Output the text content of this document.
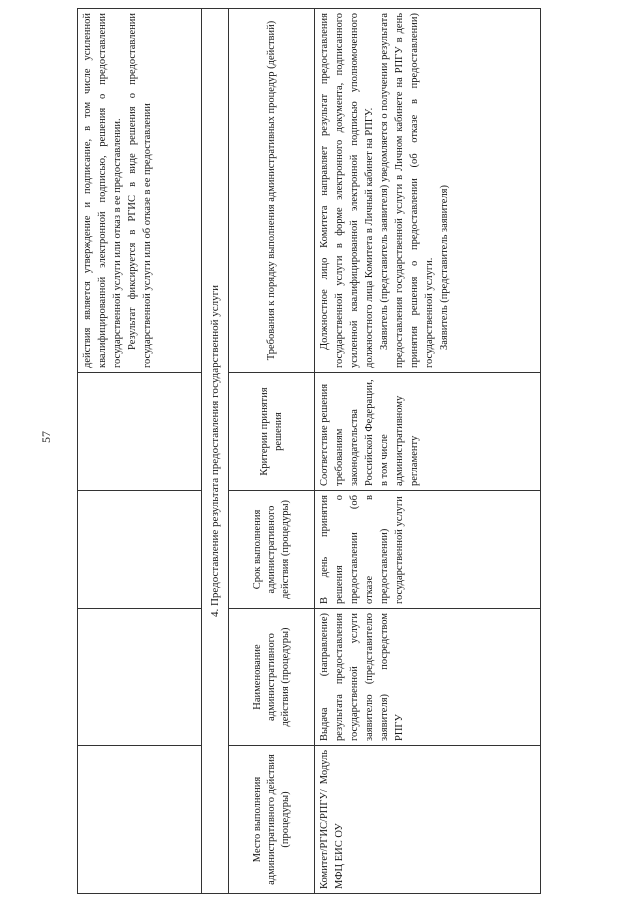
57

				действия является утверждение и подписание, в том числе усиленной квалифицированной электронной подписью, решения о предоставлении государственной услуги или отказ в ее предоставлении. Результат фиксируется в РГИС в виде решения о предоставлении государственной услуги или об отказе в ее предоставлении

4. Предоставление результата предоставления государственной услуги				
Место выполнения административного действия (процедуры)	Наименование административного действия (процедуры)	Срок выполнения административного действия (процедуры)	Критерии принятия решения	Требования к порядку выполнения административных процедур (действий)
Комитет/РГИС/РПГУ/ Модуль МФЦ ЕИС ОУ	Выдача (направление) результата предоставления государственной услуги заявителю (представителю заявителя) посредством РПГУ	В день принятия решения о предоставлении (об отказе в предоставлении) государственной услуги	Соответствие решения требованиям законодательства Российской Федерации, в том числе административному регламенту	Должностное лицо Комитета направляет результат предоставления государственной услуги в форме электронного документа, подписанного усиленной квалифицированной электронной подписью уполномоченного должностного лица Комитета в Личный кабинет на РПГУ. Заявитель (представитель заявителя) уведомляется о получении результата предоставления государственной услуги в Личном кабинете на РПГУ в день принятия решения о предоставлении (об отказе в предоставлении) государственной услуги. Заявитель (представитель заявителя)
